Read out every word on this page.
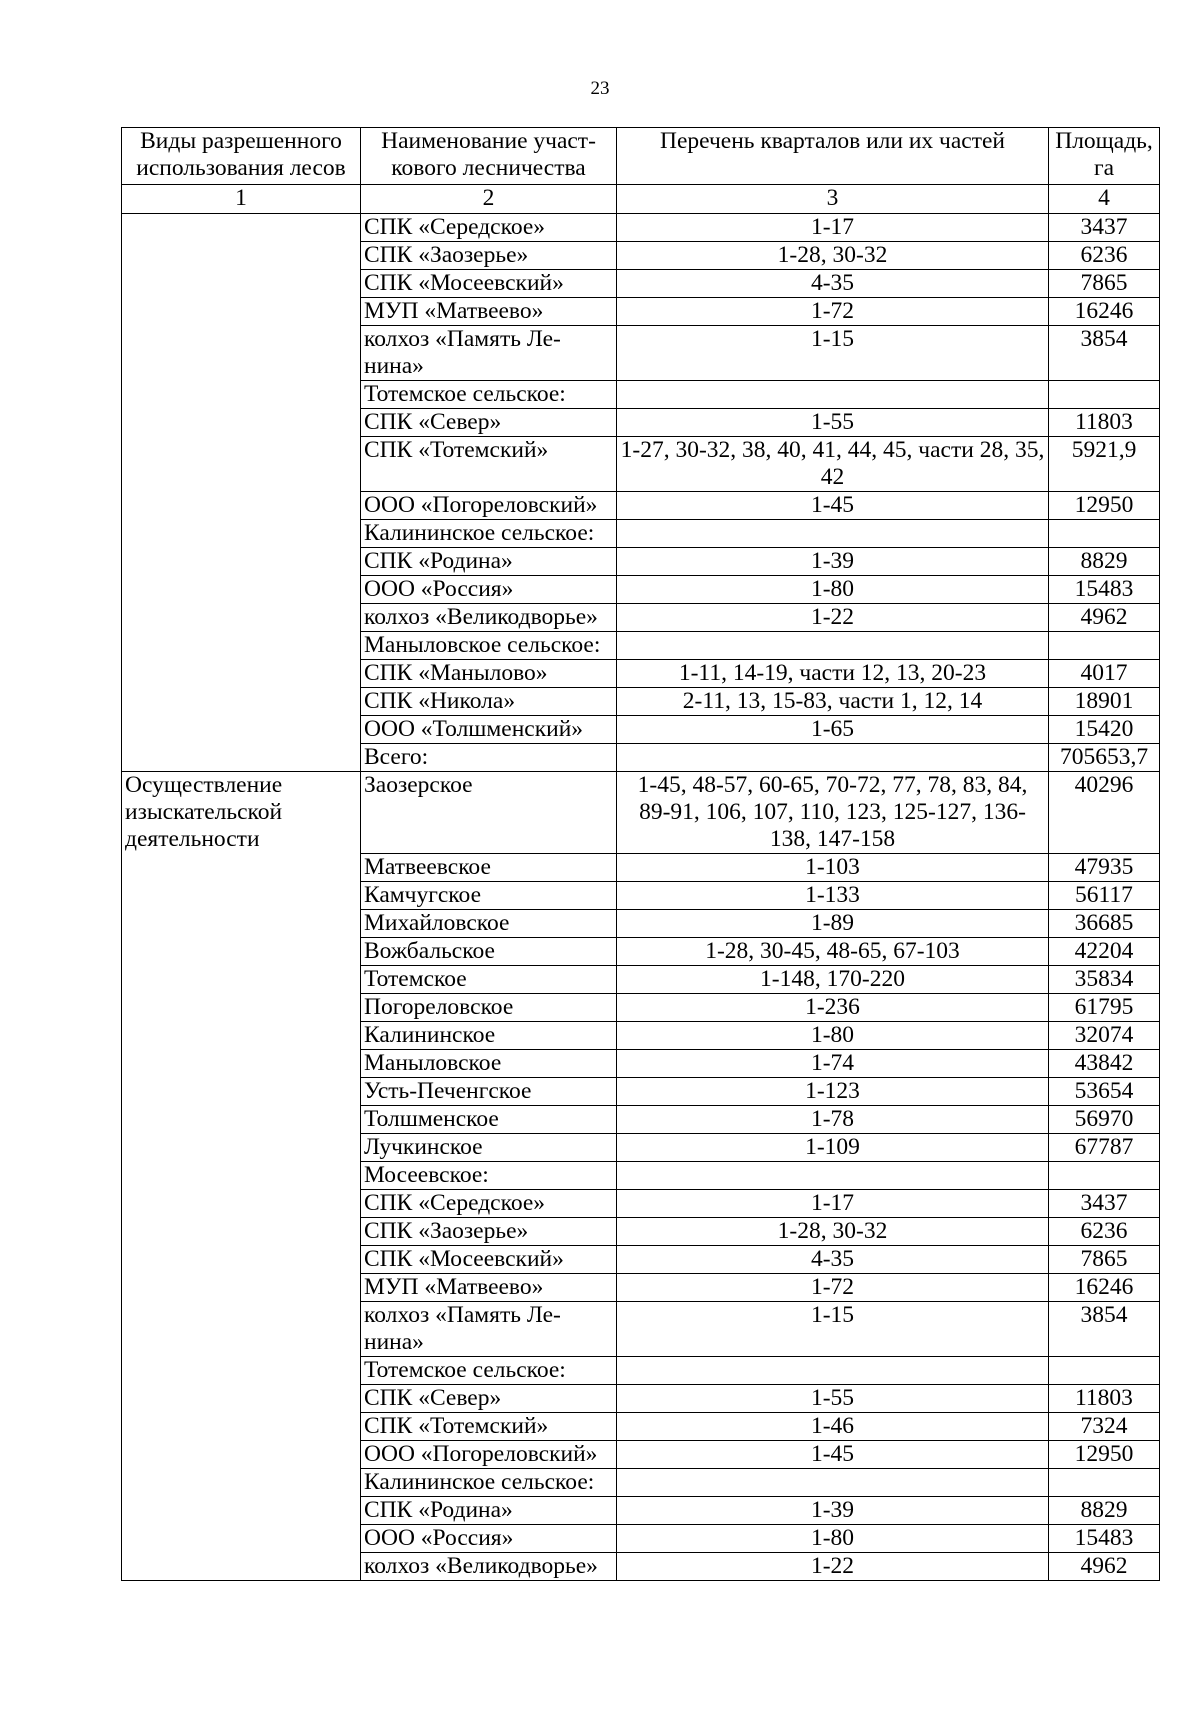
23
Виды разрешенного использования лесов	Наименование участ-кового лесничества	Перечень кварталов или их частей	Площадь, га
1	2	3	4
	СПК «Середское»	1-17	3437
	СПК «Заозерье»	1-28, 30-32	6236
	СПК «Мосеевский»	4-35	7865
	МУП «Матвеево»	1-72	16246
	колхоз «Память Ле-нина»	1-15	3854
	Тотемское сельское:		
	СПК «Север»	1-55	11803
	СПК «Тотемский»	1-27, 30-32, 38, 40, 41, 44, 45, части 28, 35, 42	5921,9
	ООО «Погореловский»	1-45	12950
	Калининское сельское:		
	СПК «Родина»	1-39	8829
	ООО «Россия»	1-80	15483
	колхоз «Великодворье»	1-22	4962
	Маныловское сельское:		
	СПК «Манылово»	1-11, 14-19, части 12, 13, 20-23	4017
	СПК «Никола»	2-11, 13, 15-83, части 1, 12, 14	18901
	ООО «Толшменский»	1-65	15420
	Всего:		705653,7
Осуществление изыскательской деятельности	Заозерское	1-45, 48-57, 60-65, 70-72, 77, 78, 83, 84, 89-91, 106, 107, 110, 123, 125-127, 136-138, 147-158	40296
	Матвеевское	1-103	47935
	Камчугское	1-133	56117
	Михайловское	1-89	36685
	Вожбальское	1-28, 30-45, 48-65, 67-103	42204
	Тотемское	1-148, 170-220	35834
	Погореловское	1-236	61795
	Калининское	1-80	32074
	Маныловское	1-74	43842
	Усть-Печенгское	1-123	53654
	Толшменское	1-78	56970
	Лучкинское	1-109	67787
	Мосеевское:		
	СПК «Середское»	1-17	3437
	СПК «Заозерье»	1-28, 30-32	6236
	СПК «Мосеевский»	4-35	7865
	МУП «Матвеево»	1-72	16246
	колхоз «Память Ле-нина»	1-15	3854
	Тотемское сельское:		
	СПК «Север»	1-55	11803
	СПК «Тотемский»	1-46	7324
	ООО «Погореловский»	1-45	12950
	Калининское сельское:		
	СПК «Родина»	1-39	8829
	ООО «Россия»	1-80	15483
	колхоз «Великодворье»	1-22	4962
